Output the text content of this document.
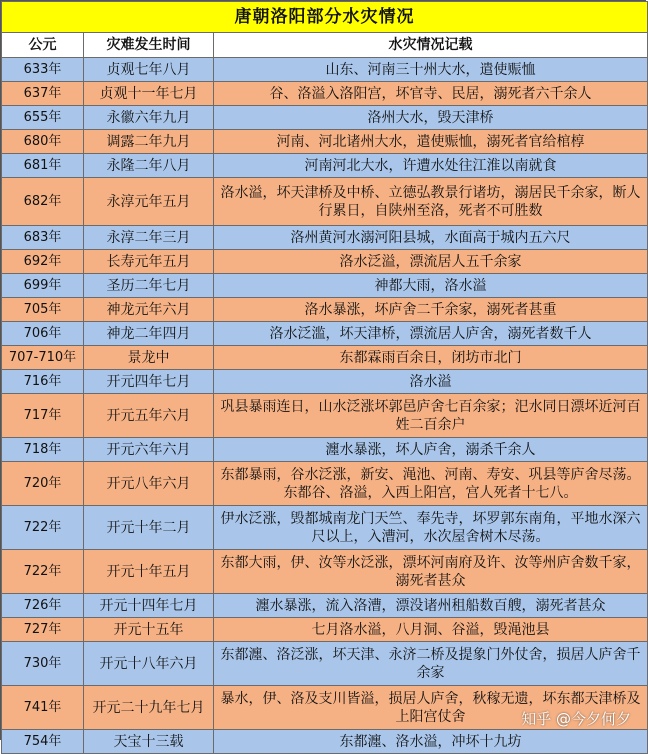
唐朝洛阳部分水灾情况		
公元	灾难发生时间	水灾情况记载
633年	贞观七年八月	山东、河南三十州大水，遣使赈恤
637年	贞观十一年七月	谷、洛溢入洛阳宫，坏官寺、民居，溺死者六千余人
655年	永徽六年九月	洛州大水，毁天津桥
680年	调露二年九月	河南、河北诸州大水，遣使赈恤，溺死者官给棺椁
681年	永隆二年八月	河南河北大水，许遭水处往江淮以南就食
682年	永淳元年五月	洛水溢，坏天津桥及中桥、立德弘教景行诸坊，溺居民千余家，断人行累日，自陕州至洛，死者不可胜数
683年	永淳二年三月	洛州黄河水溺河阳县城，水面高于城内五六尺
692年	长寿元年五月	洛水泛溢，漂流居人五千余家
699年	圣历二年七月	神都大雨，洛水溢
705年	神龙元年六月	洛水暴涨，坏庐舍二千余家，溺死者甚重
706年	神龙二年四月	洛水泛滥，坏天津桥，漂流居人庐舍，溺死者数千人
707-710年	景龙中	东都霖雨百余日，闭坊市北门
716年	开元四年七月	洛水溢
717年	开元五年六月	巩县暴雨连日，山水泛涨坏郭邑庐舍七百余家；汜水同日漂坏近河百姓二百余户
718年	开元六年六月	瀍水暴涨，坏人庐舍，溺杀千余人
720年	开元八年六月	东都暴雨，谷水泛涨，新安、渑池、河南、寿安、巩县等庐舍尽荡。东都谷、洛溢，入西上阳宫，宫人死者十七八。
722年	开元十年二月	伊水泛涨，毁都城南龙门天竺、奉先寺，坏罗郭东南角，平地水深六尺以上，入漕河，水次屋舍树木尽荡。
722年	开元十年五月	东都大雨，伊、汝等水泛涨，漂坏河南府及许、汝等州庐舍数千家，溺死者甚众
726年	开元十四年七月	瀍水暴涨，流入洛漕，漂没诸州租船数百艘，溺死者甚众
727年	开元十五年	七月洛水溢，八月洞、谷溢，毁渑池县
730年	开元十八年六月	东都瀍、洛泛涨，坏天津、永济二桥及提象门外仗舍，损居人庐舍千余家
741年	开元二十九年七月	暴水，伊、洛及支川皆溢，损居人庐舍，秋稼无遗，坏东都天津桥及上阳宫仗舍
754年	天宝十三载	东都瀍、洛水溢，冲坏十九坊
知乎 @今夕何夕
